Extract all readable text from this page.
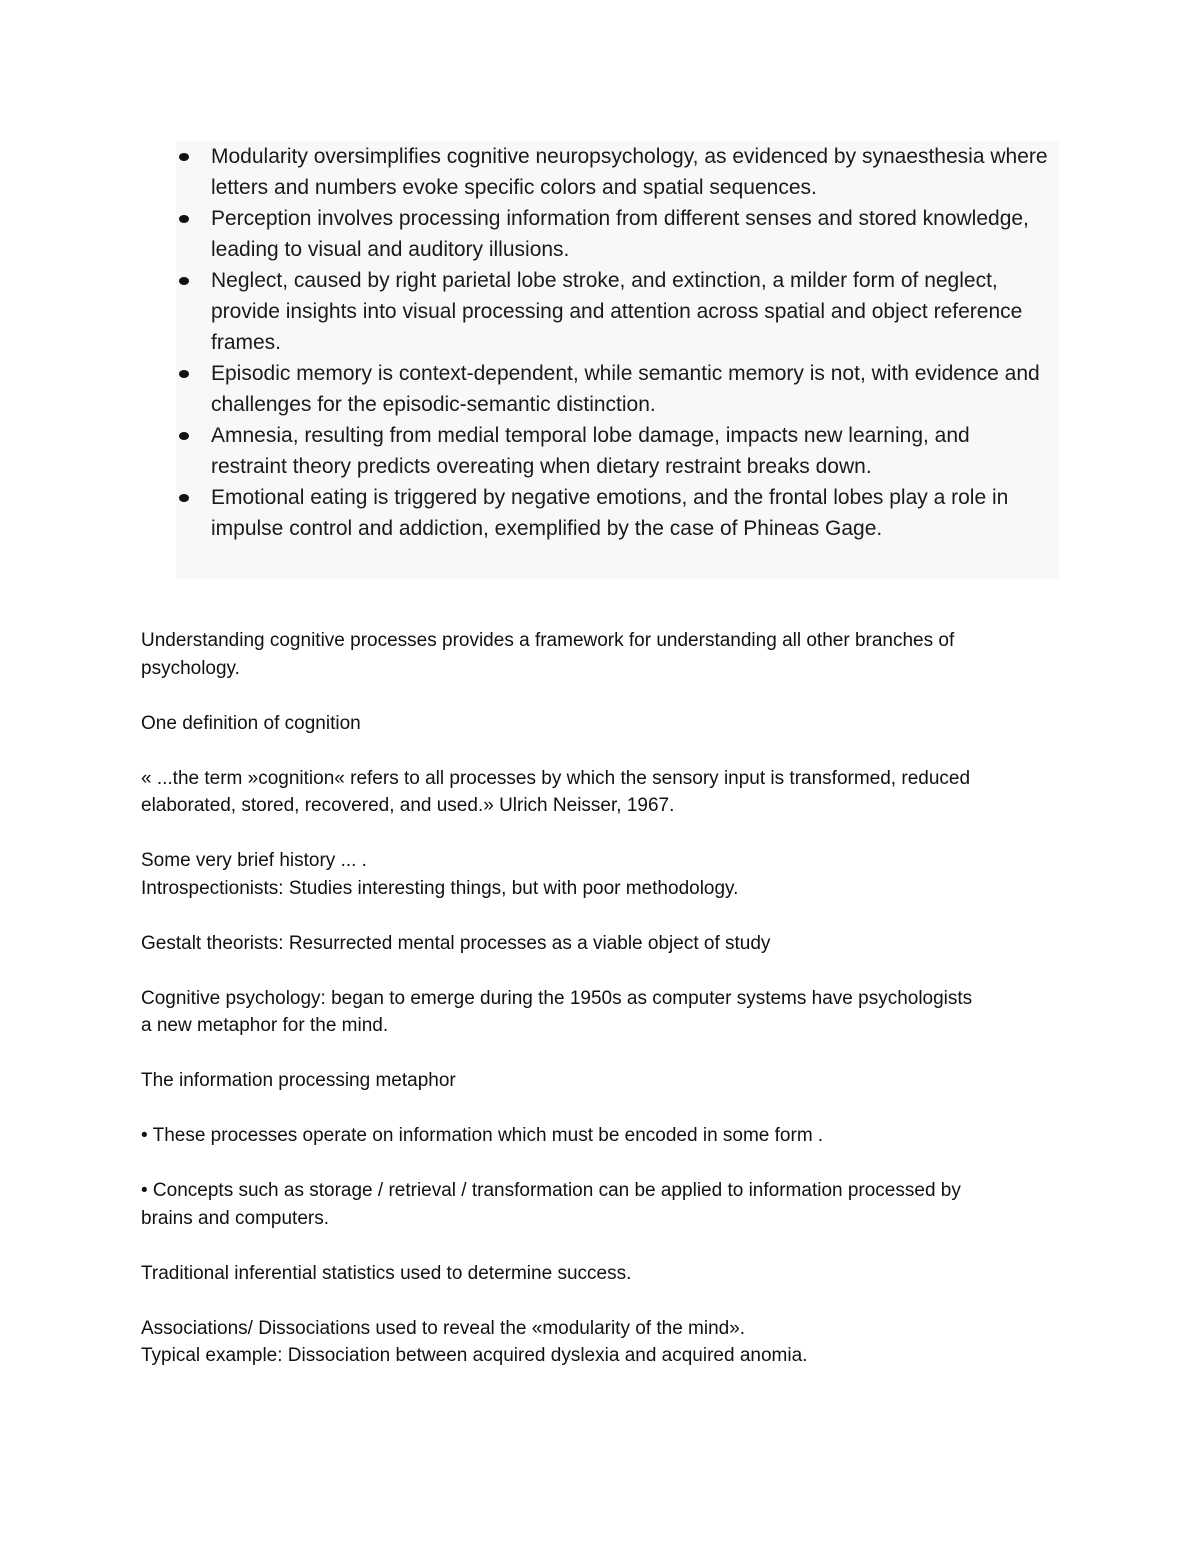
Modularity oversimplifies cognitive neuropsychology, as evidenced by synaesthesia where letters and numbers evoke specific colors and spatial sequences.
Perception involves processing information from different senses and stored knowledge, leading to visual and auditory illusions.
Neglect, caused by right parietal lobe stroke, and extinction, a milder form of neglect, provide insights into visual processing and attention across spatial and object reference frames.
Episodic memory is context-dependent, while semantic memory is not, with evidence and challenges for the episodic-semantic distinction.
Amnesia, resulting from medial temporal lobe damage, impacts new learning, and restraint theory predicts overeating when dietary restraint breaks down.
Emotional eating is triggered by negative emotions, and the frontal lobes play a role in impulse control and addiction, exemplified by the case of Phineas Gage.

Understanding cognitive processes provides a framework for understanding all other branches of
psychology.

One definition of cognition

« ...the term »cognition« refers to all processes by which the sensory input is transformed, reduced
elaborated, stored, recovered, and used.» Ulrich Neisser, 1967.

Some very brief history ... .

Introspectionists: Studies interesting things, but with poor methodology.

Gestalt theorists: Resurrected mental processes as a viable object of study

Cognitive psychology: began to emerge during the 1950s as computer systems have psychologists
a new metaphor for the mind.

The information processing metaphor

• These processes operate on information which must be encoded in some form .

• Concepts such as storage / retrieval / transformation can be applied to information processed by
brains and computers.

Traditional inferential statistics used to determine success.

Associations/ Dissociations used to reveal the «modularity of the mind».

Typical example: Dissociation between acquired dyslexia and acquired anomia.
